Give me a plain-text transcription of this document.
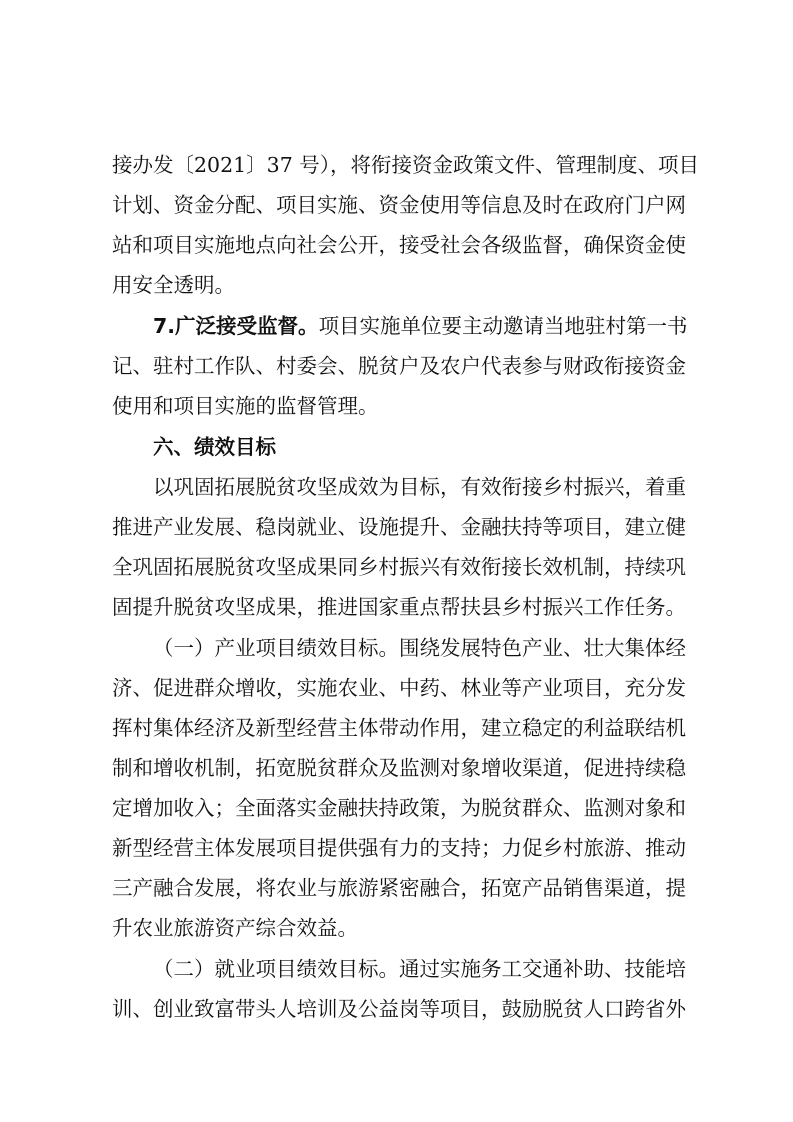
接办发〔2021〕37 号），将衔接资金政策文件、管理制度、项目
计划、资金分配、项目实施、资金使用等信息及时在政府门户网
站和项目实施地点向社会公开，接受社会各级监督，确保资金使
用安全透明。
7.广泛接受监督。项目实施单位要主动邀请当地驻村第一书
记、驻村工作队、村委会、脱贫户及农户代表参与财政衔接资金
使用和项目实施的监督管理。
六、绩效目标
以巩固拓展脱贫攻坚成效为目标，有效衔接乡村振兴，着重
推进产业发展、稳岗就业、设施提升、金融扶持等项目，建立健
全巩固拓展脱贫攻坚成果同乡村振兴有效衔接长效机制，持续巩
固提升脱贫攻坚成果，推进国家重点帮扶县乡村振兴工作任务。
（一）产业项目绩效目标。围绕发展特色产业、壮大集体经
济、促进群众增收，实施农业、中药、林业等产业项目，充分发
挥村集体经济及新型经营主体带动作用，建立稳定的利益联结机
制和增收机制，拓宽脱贫群众及监测对象增收渠道，促进持续稳
定增加收入；全面落实金融扶持政策，为脱贫群众、监测对象和
新型经营主体发展项目提供强有力的支持；力促乡村旅游、推动
三产融合发展，将农业与旅游紧密融合，拓宽产品销售渠道，提
升农业旅游资产综合效益。
（二）就业项目绩效目标。通过实施务工交通补助、技能培
训、创业致富带头人培训及公益岗等项目，鼓励脱贫人口跨省外
